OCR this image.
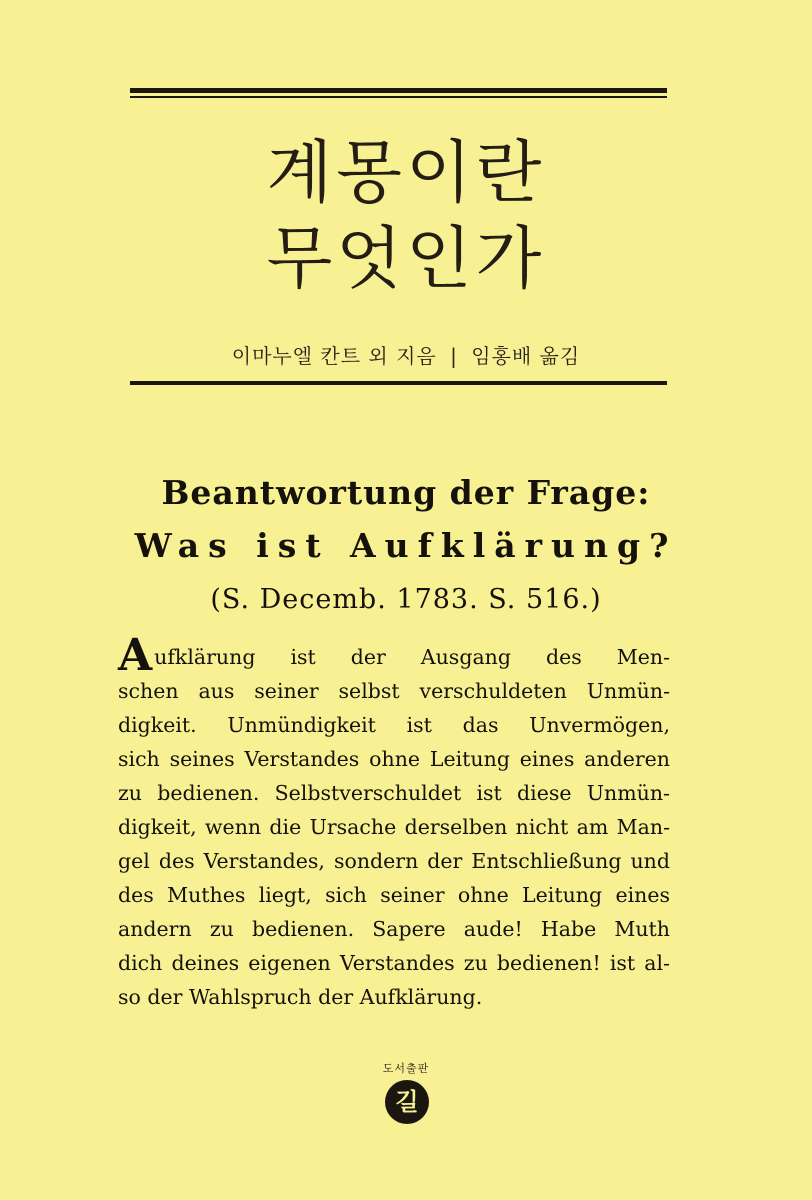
계몽이란
무엇인가
이마누엘 칸트 외 지음 | 임홍배 옮김
Beantwortung der Frage:
Was ist Aufklärung?
(S. Decemb. 1783. S. 516.)
Aufklärung ist der Ausgang des Men-
schen aus seiner selbst verschuldeten Unmün-
digkeit. Unmündigkeit ist das Unvermögen,
sich seines Verstandes ohne Leitung eines anderen
zu bedienen. Selbstverschuldet ist diese Unmün-
digkeit, wenn die Ursache derselben nicht am Man-
gel des Verstandes, sondern der Entschließung und
des Muthes liegt, sich seiner ohne Leitung eines
andern zu bedienen. Sapere aude! Habe Muth
dich deines eigenen Verstandes zu bedienen! ist al-
so der Wahlspruch der Aufklärung.
도서출판
길
